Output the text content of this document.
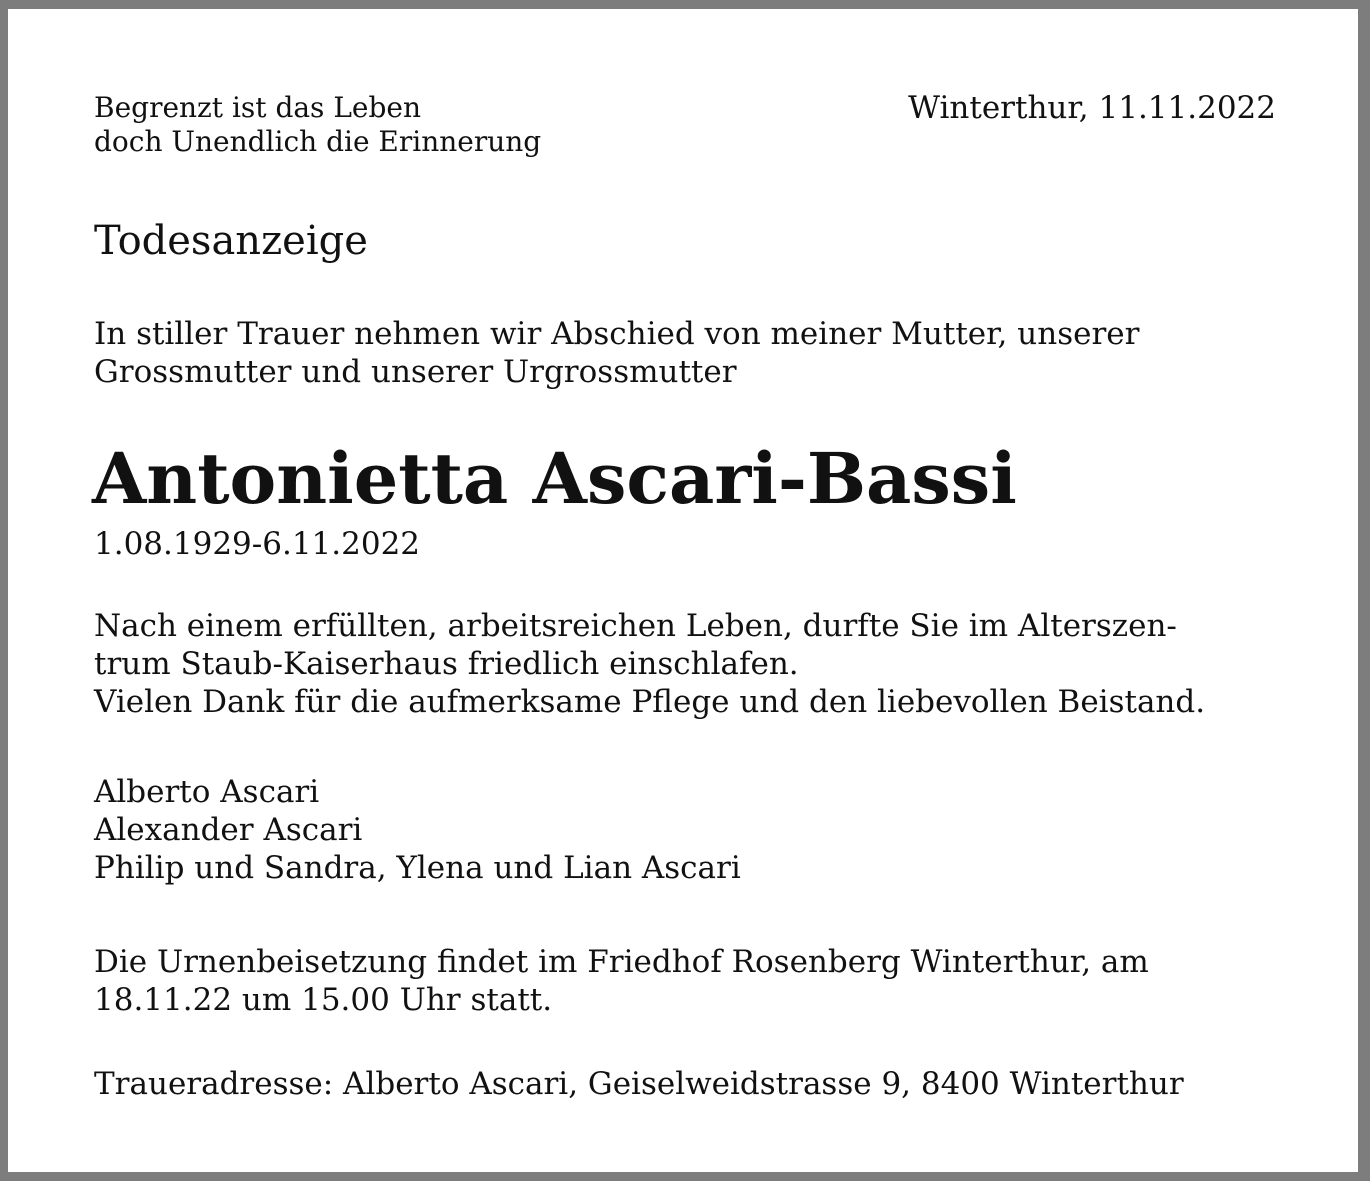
Begrenzt ist das Leben
doch Unendlich die Erinnerung
Winterthur, 11.11.2022
Todesanzeige
In stiller Trauer nehmen wir Abschied von meiner Mutter, unserer
Grossmutter und unserer Urgrossmutter
Antonietta Ascari-Bassi
1.08.1929-6.11.2022
Nach einem erfüllten, arbeitsreichen Leben, durfte Sie im Alterszen-
trum Staub-Kaiserhaus friedlich einschlafen.
Vielen Dank für die aufmerksame Pflege und den liebevollen Beistand.
Alberto Ascari
Alexander Ascari
Philip und Sandra, Ylena und Lian Ascari
Die Urnenbeisetzung findet im Friedhof Rosenberg Winterthur, am
18.11.22 um 15.00 Uhr statt.
Traueradresse: Alberto Ascari, Geiselweidstrasse 9, 8400 Winterthur
